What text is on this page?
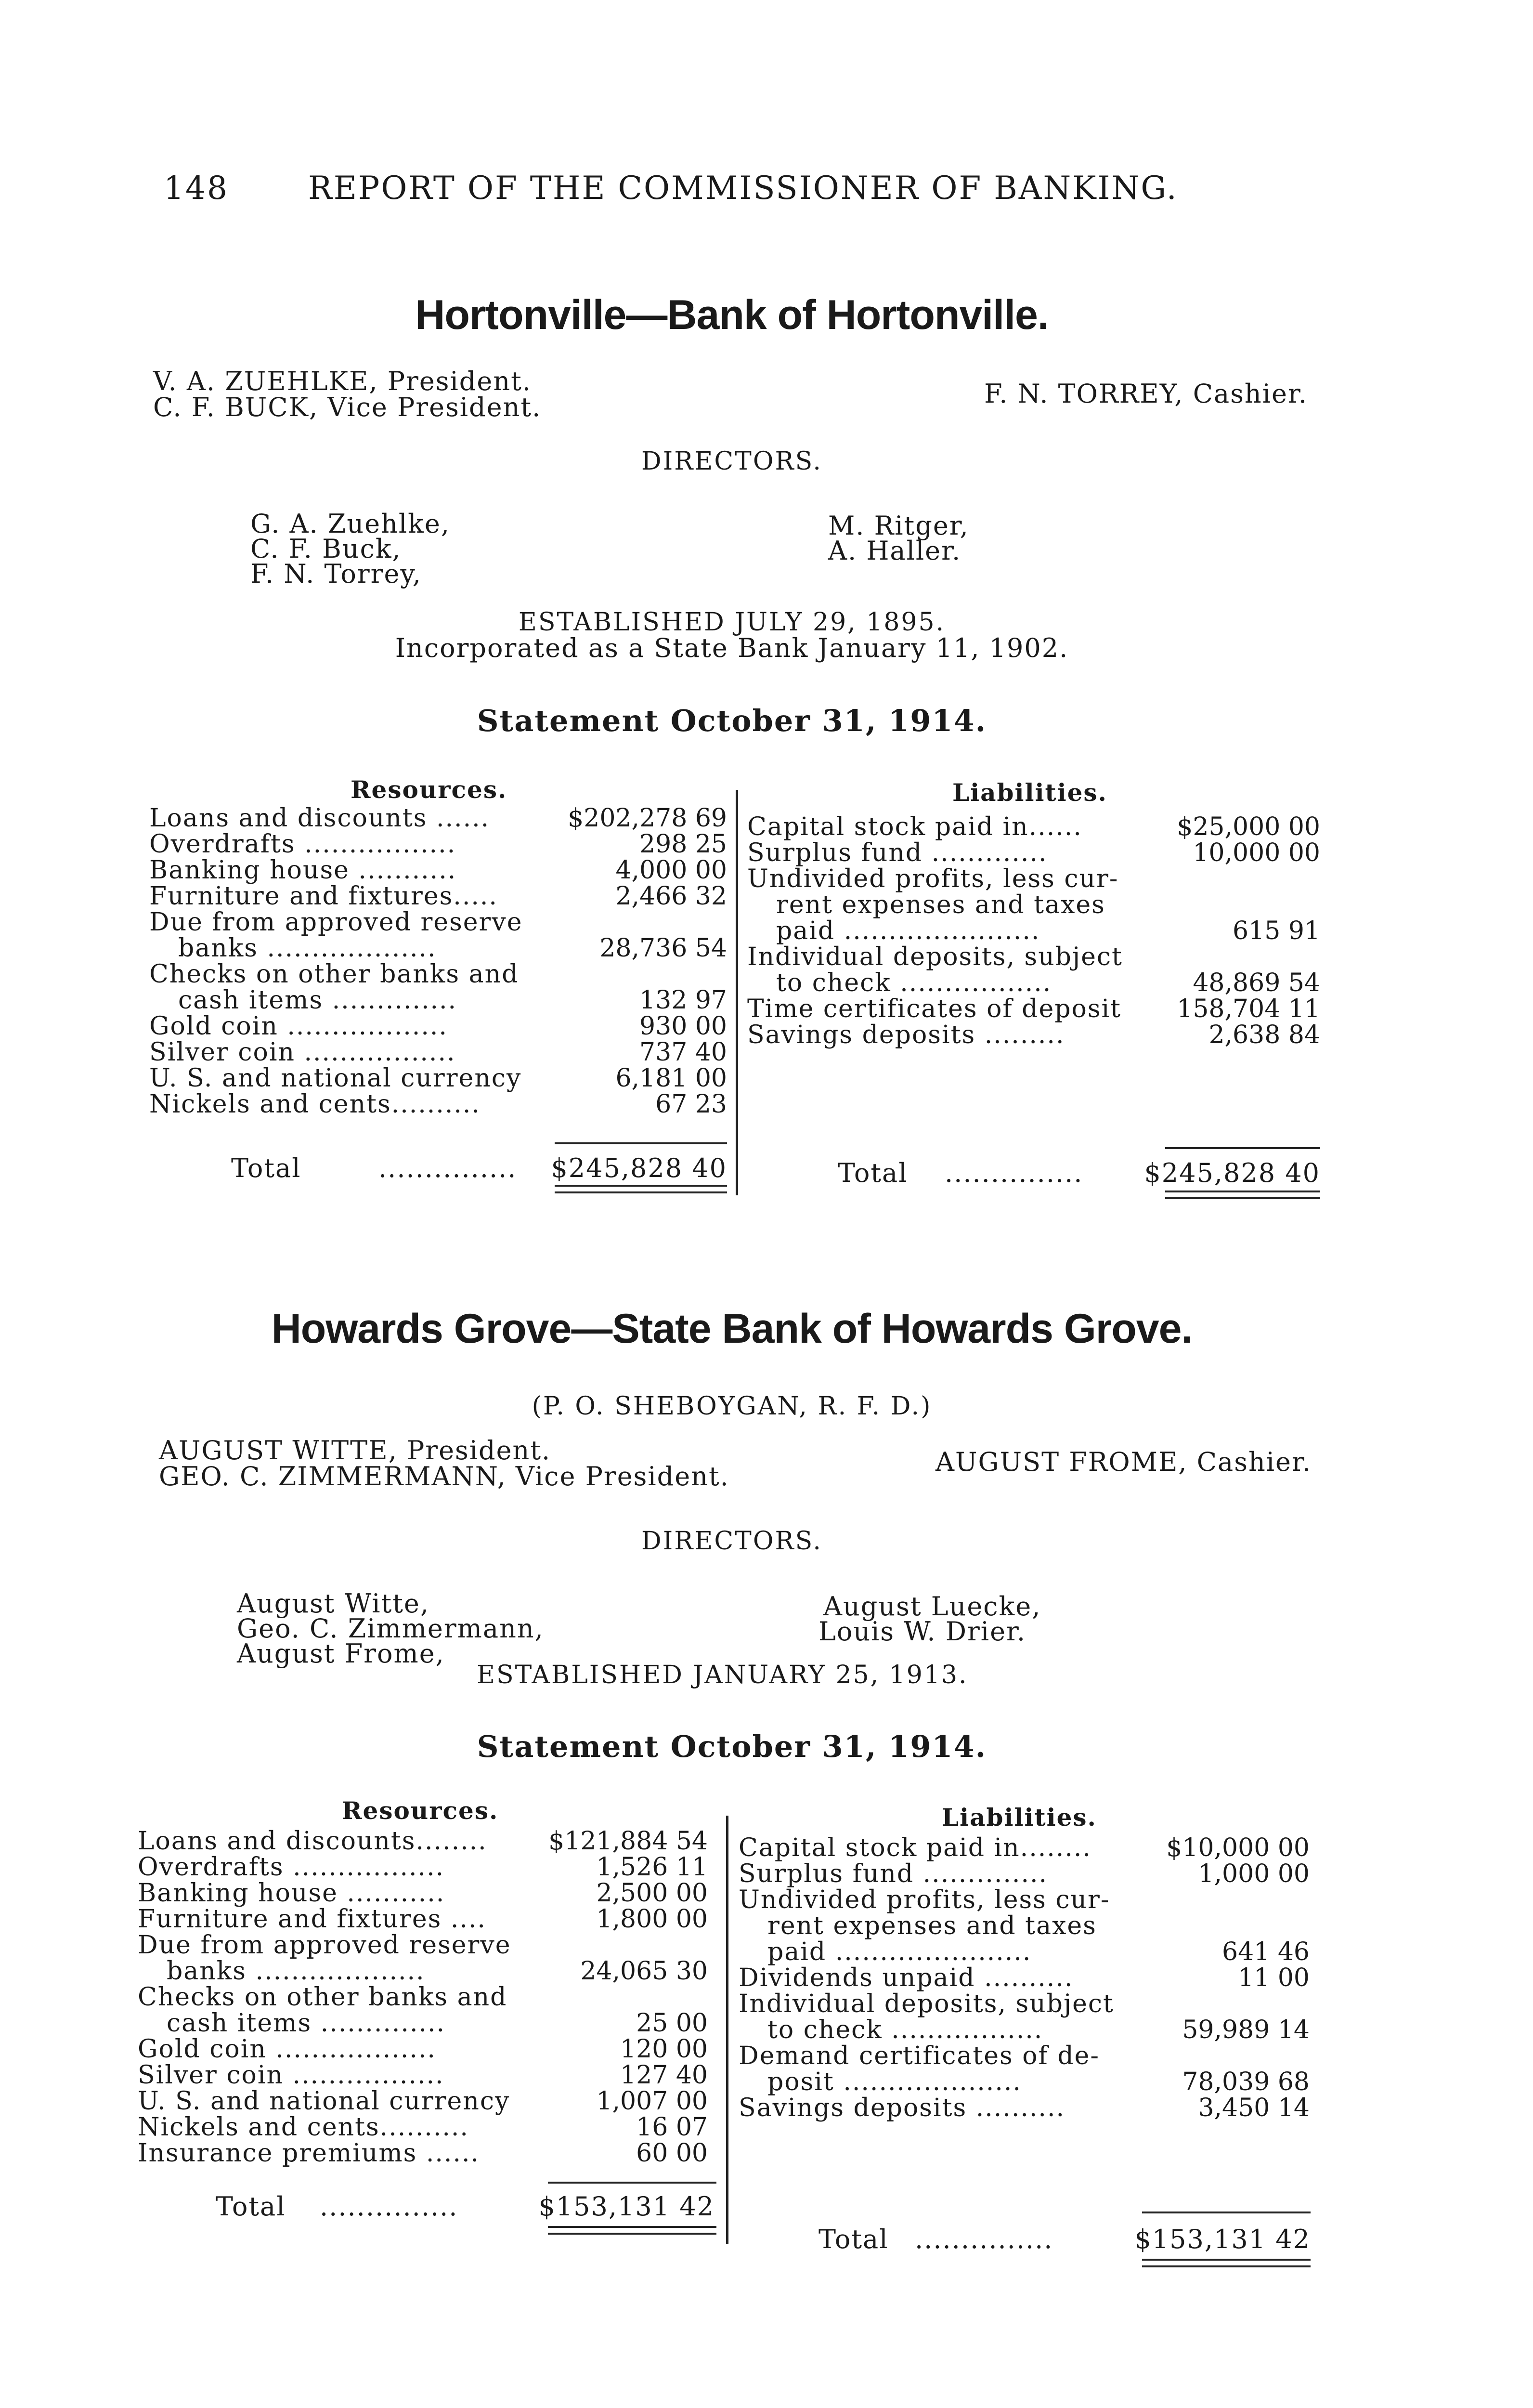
148	REPORT OF THE COMMISSIONER OF BANKING.
Hortonville—Bank of Hortonville.
V. A. ZUEHLKE, President.
C. F. BUCK, Vice President.	F. N. TORREY, Cashier.
DIRECTORS.
G. A. Zuehlke,
C. F. Buck,
F. N. Torrey,
M. Ritger,
A. Haller.
ESTABLISHED JULY 29, 1895.
Incorporated as a State Bank January 11, 1902.
Statement October 31, 1914.
Resources.	Liabilities.
Loans and discounts ......	$202,278 69
Overdrafts .................	298 25
Banking house ...........	4,000 00
Furniture and fixtures.....	2,466 32
Due from approved reserve
banks ...................	28,736 54
Checks on other banks and
cash items ..............	132 97
Gold coin ..................	930 00
Silver coin .................	737 40
U. S. and national currency	6,181 00
Nickels and cents..........	67 23
Capital stock paid in......	$25,000 00
Surplus fund .............	10,000 00
Undivided profits, less cur-
rent expenses and taxes
paid ......................	615 91
Individual deposits, subject
to check .................	48,869 54
Time certificates of deposit 158,704 11
Savings deposits .........	2,638 84
Total	............... $245,828 40	Total ............... $245,828 40
Howards Grove—State Bank of Howards Grove.
(P. O. SHEBOYGAN, R. F. D.)
AUGUST WITTE, President.
GEO. C. ZIMMERMANN, Vice President.	AUGUST FROME, Cashier.
DIRECTORS.
August Witte,
Geo. C. Zimmermann,
August Frome,
August Luecke,
Louis W. Drier.
ESTABLISHED JANUARY 25, 1913.
Statement October 31, 1914.
Resources.	Liabilities.
Loans and discounts........ $121,884 54
Overdrafts .................	1,526 11
Banking house ...........	2,500 00
Furniture and fixtures ....	1,800 00
Due from approved reserve
banks ...................	24,065 30
Checks on other banks and
cash items ..............	25 00
Gold coin ..................	120 00
Silver coin .................	127 40
U. S. and national currency	1,007 00
Nickels and cents..........	16 07
Insurance premiums ......	60 00
Capital stock paid in........	$10,000 00
Surplus fund ..............	1,000 00
Undivided profits, less cur-
rent expenses and taxes
paid ......................	641 46
Dividends unpaid ..........	11 00
Individual deposits, subject
to check .................	59,989 14
Demand certificates of de-
posit ....................	78,039 68
Savings deposits ..........	3,450 14
Total ...............	$153,131 42
Total ...............	$153,131 42
